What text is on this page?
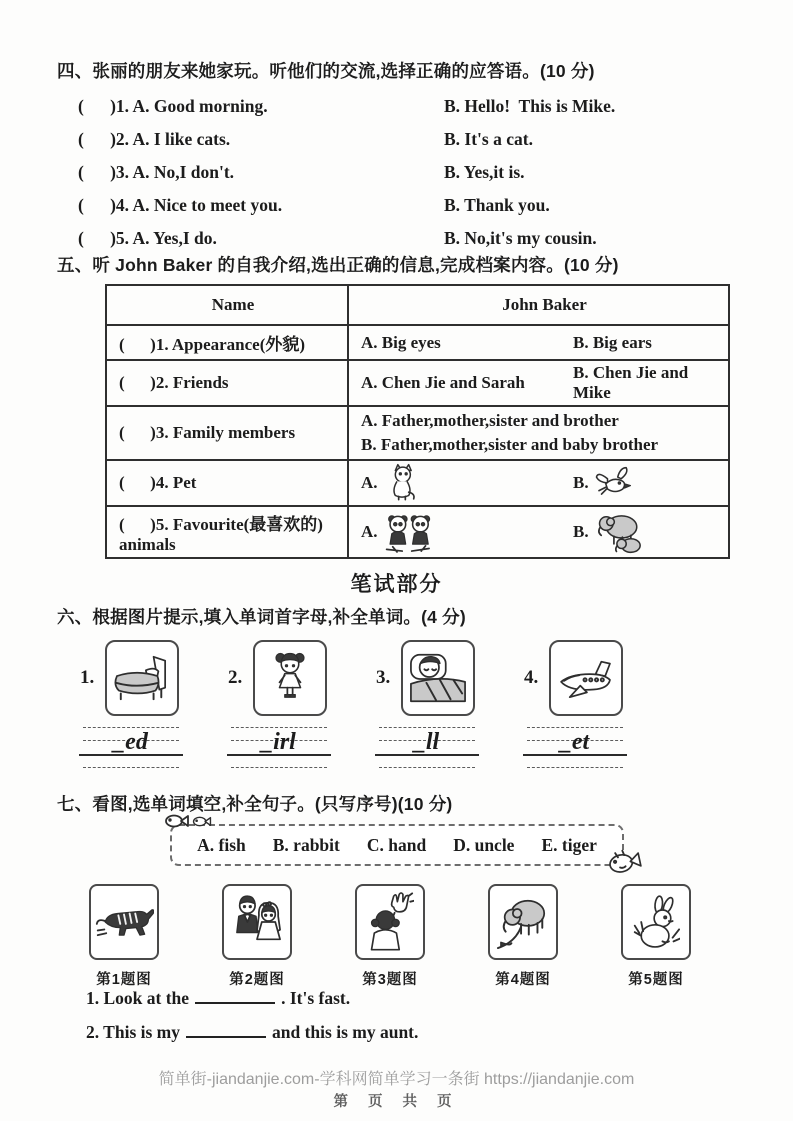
四、张丽的朋友来她家玩。听他们的交流,选择正确的应答语。(10 分)
(      )1. A. Good morning.	B. Hello!  This is Mike.
(      )2. A. I like cats.	B. It's a cat.
(      )3. A. No,I don't.	B. Yes,it is.
(      )4. A. Nice to meet you.	B. Thank you.
(      )5. A. Yes,I do.	B. No,it's my cousin.
五、听 John Baker 的自我介绍,选出正确的信息,完成档案内容。(10 分)
Name	John Baker
(      )1. Appearance(外貌)	A. Big eyes B. Big ears

(      )2. Friends	A. Chen Jie and Sarah
B. Chen Jie and Mike

(      )3. Family members	A. Father,mother,sister and brother
B. Father,mother,sister and baby brother

(      )4. Pet	A. B.

(      )5. Favourite(最喜欢的) animals	A. B.
笔试部分
六、根据图片提示,填入单词首字母,补全单词。(4 分)
1.	2.	3.	4.
_ed	_irl	_ll	_et
七、看图,选单词填空,补全句子。(只写序号)(10 分)
A. fish B. rabbit C. hand D. uncle E. tiger
第1题图	第2题图	第3题图	第4题图	第5题图
1. Look at the	. It's fast.
2. This is my	and this is my aunt.
简单街-jiandanjie.com-学科网简单学习一条街 https://jiandanjie.com
第 页 共 页
